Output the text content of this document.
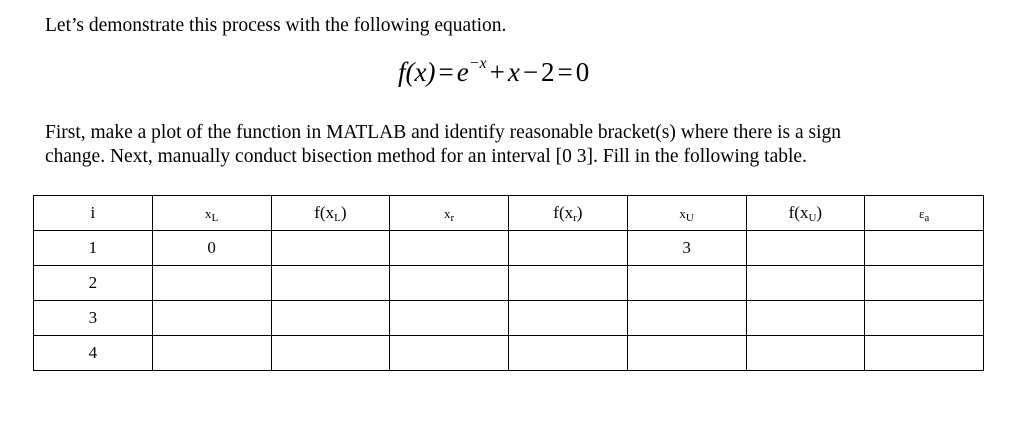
Let’s demonstrate this process with the following equation.
$f(x) = e^{-x} + x - 2 = 0$

First, make a plot of the function in MATLAB and identify reasonable bracket(s) where there is a sign

change. Next, manually conduct bisection method for an interval [0 3]. Fill in the following table.

i	$x_L$	$f(x_L)$	$x_r$	$f(x_r)$	$x_U$	$f(x_U)$	$\varepsilon_a$
1	0				3		
2							
3							
4							
